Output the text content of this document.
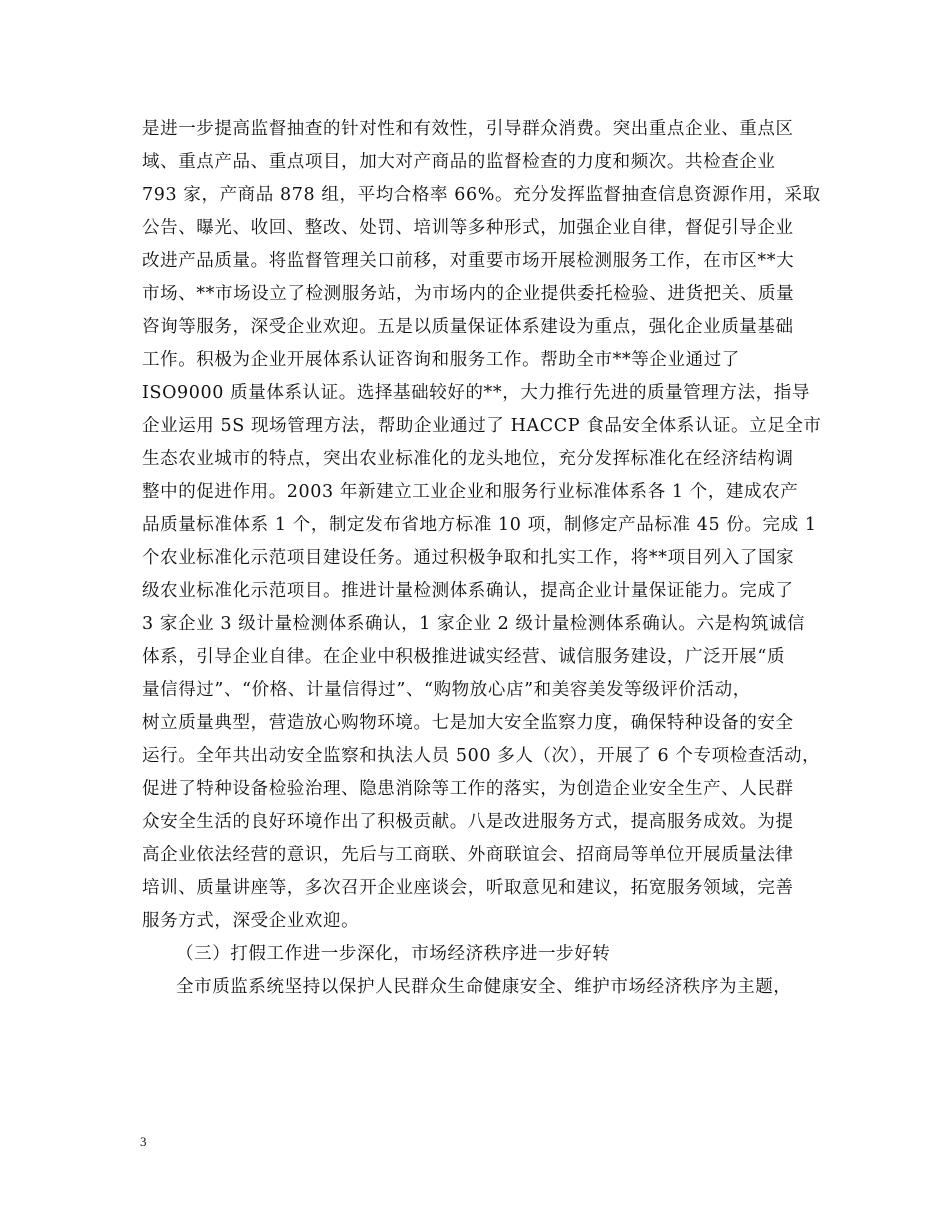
是进一步提高监督抽查的针对性和有效性，引导群众消费。突出重点企业、重点区
域、重点产品、重点项目，加大对产商品的监督检查的力度和频次。共检查企业
793 家，产商品 878 组，平均合格率 66%。充分发挥监督抽查信息资源作用，采取
公告、曝光、收回、整改、处罚、培训等多种形式，加强企业自律，督促引导企业
改进产品质量。将监督管理关口前移，对重要市场开展检测服务工作，在市区**大
市场、**市场设立了检测服务站，为市场内的企业提供委托检验、进货把关、质量
咨询等服务，深受企业欢迎。五是以质量保证体系建设为重点，强化企业质量基础
工作。积极为企业开展体系认证咨询和服务工作。帮助全市**等企业通过了
ISO9000 质量体系认证。选择基础较好的**，大力推行先进的质量管理方法，指导
企业运用 5S 现场管理方法，帮助企业通过了 HACCP 食品安全体系认证。立足全市
生态农业城市的特点，突出农业标准化的龙头地位，充分发挥标准化在经济结构调
整中的促进作用。2003 年新建立工业企业和服务行业标准体系各 1 个，建成农产
品质量标准体系 1 个，制定发布省地方标准 10 项，制修定产品标准 45 份。完成 1
个农业标准化示范项目建设任务。通过积极争取和扎实工作，将**项目列入了国家
级农业标准化示范项目。推进计量检测体系确认，提高企业计量保证能力。完成了
3 家企业 3 级计量检测体系确认，1 家企业 2 级计量检测体系确认。六是构筑诚信
体系，引导企业自律。在企业中积极推进诚实经营、诚信服务建设，广泛开展“质
量信得过”、“价格、计量信得过”、“购物放心店”和美容美发等级评价活动，
树立质量典型，营造放心购物环境。七是加大安全监察力度，确保特种设备的安全
运行。全年共出动安全监察和执法人员 500 多人（次），开展了 6 个专项检查活动，
促进了特种设备检验治理、隐患消除等工作的落实，为创造企业安全生产、人民群
众安全生活的良好环境作出了积极贡献。八是改进服务方式，提高服务成效。为提
高企业依法经营的意识，先后与工商联、外商联谊会、招商局等单位开展质量法律
培训、质量讲座等，多次召开企业座谈会，听取意见和建议，拓宽服务领域，完善
服务方式，深受企业欢迎。
（三）打假工作进一步深化，市场经济秩序进一步好转
全市质监系统坚持以保护人民群众生命健康安全、维护市场经济秩序为主题，
3
